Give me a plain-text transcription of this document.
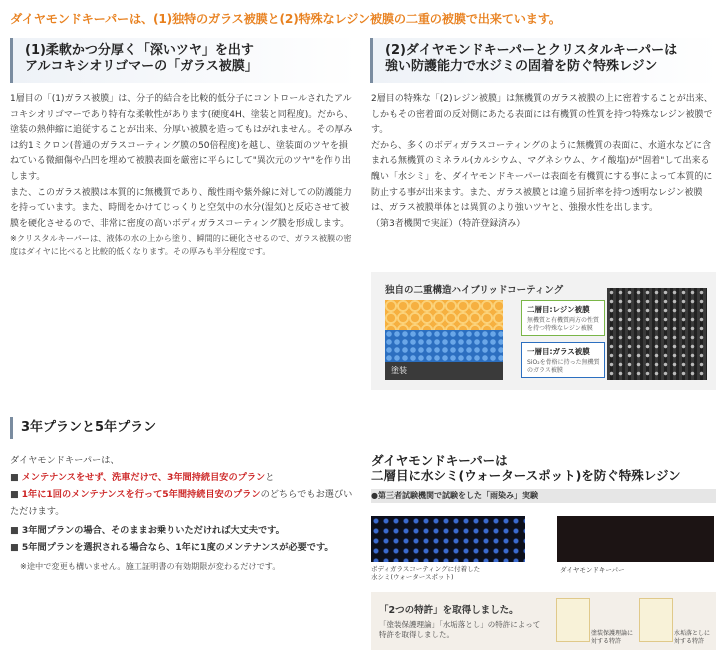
ダイヤモンドキーパーは、(1)独特のガラス被膜と(2)特殊なレジン被膜の二重の被膜で出来ています。
(1)柔軟かつ分厚く「深いツヤ」を出す
アルコキシオリゴマーの「ガラス被膜」

1層目の「(1)ガラス被膜」は、分子的結合を比較的低分子にコントロールされたアルコキシオリゴマーであり特有な柔軟性があります(硬度4H、塗装と同程度)。だから、塗装の熱伸縮に追従することが出来、分厚い被膜を造ってもはがれません。その厚みは約1ミクロン(普通のガラスコーティング膜の50倍程度)を越し、塗装面のツヤを損ねている微細傷や凸凹を埋めて被膜表面を厳密に平らにして"異次元のツヤ"を作り出します。

また、このガラス被膜は本質的に無機質であり、酸性雨や紫外線に対しての防護能力を持っています。また、時間をかけてじっくりと空気中の水分(湿気)と反応させて被膜を硬化させるので、非常に密度の高いボディガラスコーティング膜を形成します。

※クリスタルキーパーは、液体の水の上から塗り、瞬間的に硬化させるので、ガラス被膜の密度はダイヤに比べると比較的低くなります。その厚みも半分程度です。
(2)ダイヤモンドキーパーとクリスタルキーパーは
強い防護能力で水ジミの固着を防ぐ特殊レジン

2層目の特殊な「(2)レジン被膜」は無機質のガラス被膜の上に密着することが出来、しかもその密着面の反対側にあたる表面には有機質の性質を持つ特殊なレジン被膜です。

だから、多くのボディガラスコーティングのように無機質の表面に、水道水などに含まれる無機質のミネラル(カルシウム、マグネシウム、ケイ酸塩)が"固着"して出来る醜い「水シミ」を、ダイヤモンドキーパーは表面を有機質にする事によって本質的に防止する事が出来ます。また、ガラス被膜とは違う屈折率を持つ透明なレジン被膜は、ガラス被膜単体とは異質のより強いツヤと、強撥水性を出します。

（第3者機関で実証）（特許登録済み）

独自の二重構造ハイブリッドコーティング
塗装
二層目:レジン被膜
無機質と有機質両方の性質を持つ特殊なレジン被膜
一層目:ガラス被膜
SiO₂を骨格に持った無機質のガラス被膜
3年プランと5年プラン
ダイヤモンドキーパーは、
■ メンテナンスをせず、洗車だけで、3年間持続目安のプランと
■ 1年に1回のメンテナンスを行って5年間持続目安のプランのどちらでもお選びいただけます。
■ 3年間プランの場合、そのままお乗りいただければ大丈夫です。
■ 5年間プランを選択される場合なら、1年に1度のメンテナンスが必要です。
※途中で変更も構いません。施工証明書の有効期限が変わるだけです。
ダイヤモンドキーパーは
二層目に水シミ(ウォータースポット)を防ぐ特殊レジン
●第三者試験機関で試験をした「雨染み」実験
ボディガラスコーティングに付着した
水シミ(ウォータースポット)
ダイヤモンドキーパー
「2つの特許」を取得しました。
「塗装保護理論」「水垢落とし」の特許によって
特許を取得しました。	塗装保護理論に
対する特許
水垢落としに
対する特許
